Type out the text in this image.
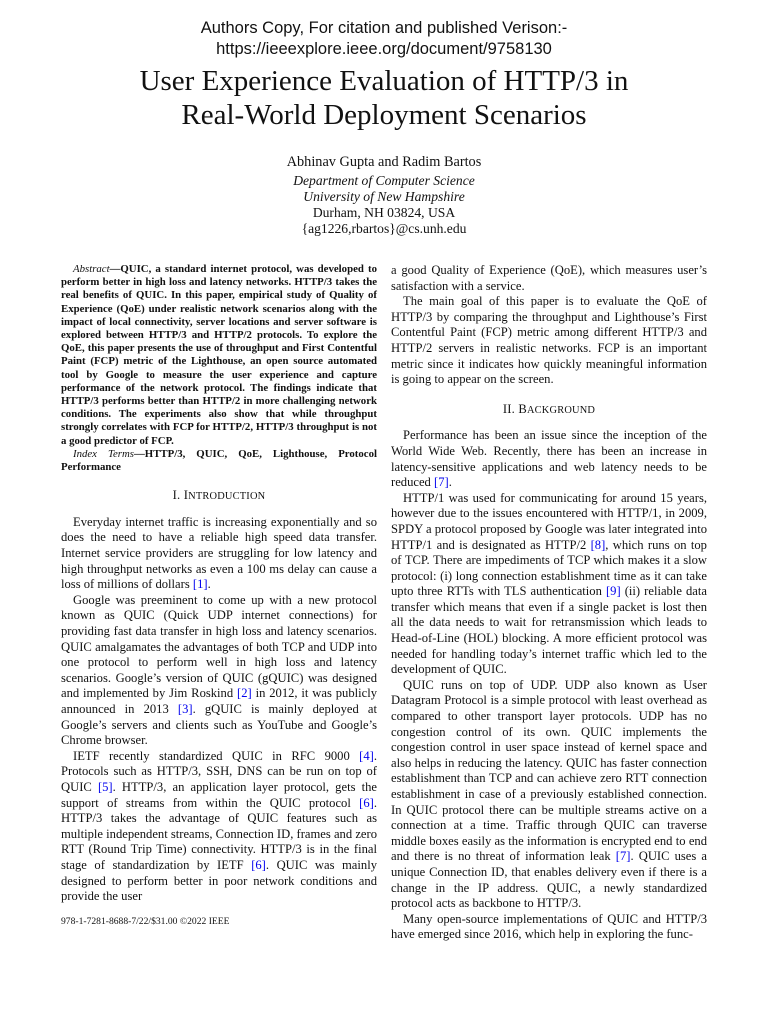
Authors Copy, For citation and published Verison:-
https://ieeexplore.ieee.org/document/9758130
User Experience Evaluation of HTTP/3 in
Real-World Deployment Scenarios
Abhinav Gupta and Radim Bartos
Department of Computer Science
University of New Hampshire
Durham, NH 03824, USA
{ag1226,rbartos}@cs.unh.edu

Abstract—QUIC, a standard internet protocol, was developed to perform better in high loss and latency networks. HTTP/3 takes the real benefits of QUIC. In this paper, empirical study of Quality of Experience (QoE) under realistic network scenarios along with the impact of local connectivity, server locations and server software is explored between HTTP/3 and HTTP/2 protocols. To explore the QoE, this paper presents the use of throughput and First Contentful Paint (FCP) metric of the Lighthouse, an open source automated tool by Google to measure the user experience and capture performance of the network protocol. The findings indicate that HTTP/3 performs better than HTTP/2 in more challenging network conditions. The experiments also show that while throughput strongly correlates with FCP for HTTP/2, HTTP/3 throughput is not a good predictor of FCP.

Index Terms—HTTP/3, QUIC, QoE, Lighthouse, Protocol Performance

I. INTRODUCTION

Everyday internet traffic is increasing exponentially and so does the need to have a reliable high speed data transfer. Internet service providers are struggling for low latency and high throughput networks as even a 100 ms delay can cause a loss of millions of dollars [1].

Google was preeminent to come up with a new protocol known as QUIC (Quick UDP internet connections) for providing fast data transfer in high loss and latency scenarios. QUIC amalgamates the advantages of both TCP and UDP into one protocol to perform well in high loss and latency scenarios. Google’s version of QUIC (gQUIC) was designed and implemented by Jim Roskind [2] in 2012, it was publicly announced in 2013 [3]. gQUIC is mainly deployed at Google’s servers and clients such as YouTube and Google’s Chrome browser.

IETF recently standardized QUIC in RFC 9000 [4]. Protocols such as HTTP/3, SSH, DNS can be run on top of QUIC [5]. HTTP/3, an application layer protocol, gets the support of streams from within the QUIC protocol [6]. HTTP/3 takes the advantage of QUIC features such as multiple independent streams, Connection ID, frames and zero RTT (Round Trip Time) connectivity. HTTP/3 is in the final stage of standardization by IETF [6]. QUIC was mainly designed to perform better in poor network conditions and provide the user

a good Quality of Experience (QoE), which measures user’s satisfaction with a service.

The main goal of this paper is to evaluate the QoE of HTTP/3 by comparing the throughput and Lighthouse’s First Contentful Paint (FCP) metric among different HTTP/3 and HTTP/2 servers in realistic networks. FCP is an important metric since it indicates how quickly meaningful information is going to appear on the screen.

II. BACKGROUND

Performance has been an issue since the inception of the World Wide Web. Recently, there has been an increase in latency-sensitive applications and web latency needs to be reduced [7].

HTTP/1 was used for communicating for around 15 years, however due to the issues encountered with HTTP/1, in 2009, SPDY a protocol proposed by Google was later integrated into HTTP/1 and is designated as HTTP/2 [8], which runs on top of TCP. There are impediments of TCP which makes it a slow protocol: (i) long connection establishment time as it can take upto three RTTs with TLS authentication [9] (ii) reliable data transfer which means that even if a single packet is lost then all the data needs to wait for retransmission which leads to Head-of-Line (HOL) blocking. A more efficient protocol was needed for handling today’s internet traffic which led to the development of QUIC.

QUIC runs on top of UDP. UDP also known as User Datagram Protocol is a simple protocol with least overhead as compared to other transport layer protocols. UDP has no congestion control of its own. QUIC implements the congestion control in user space instead of kernel space and also helps in reducing the latency. QUIC has faster connection establishment than TCP and can achieve zero RTT connection establishment in case of a previously established connection. In QUIC protocol there can be multiple streams active on a connection at a time. Traffic through QUIC can traverse middle boxes easily as the information is encrypted end to end and there is no threat of information leak [7]. QUIC uses a unique Connection ID, that enables delivery even if there is a change in the IP address. QUIC, a newly standardized protocol acts as backbone to HTTP/3.

Many open-source implementations of QUIC and HTTP/3 have emerged since 2016, which help in exploring the func-

978-1-7281-8688-7/22/$31.00 ©2022 IEEE
